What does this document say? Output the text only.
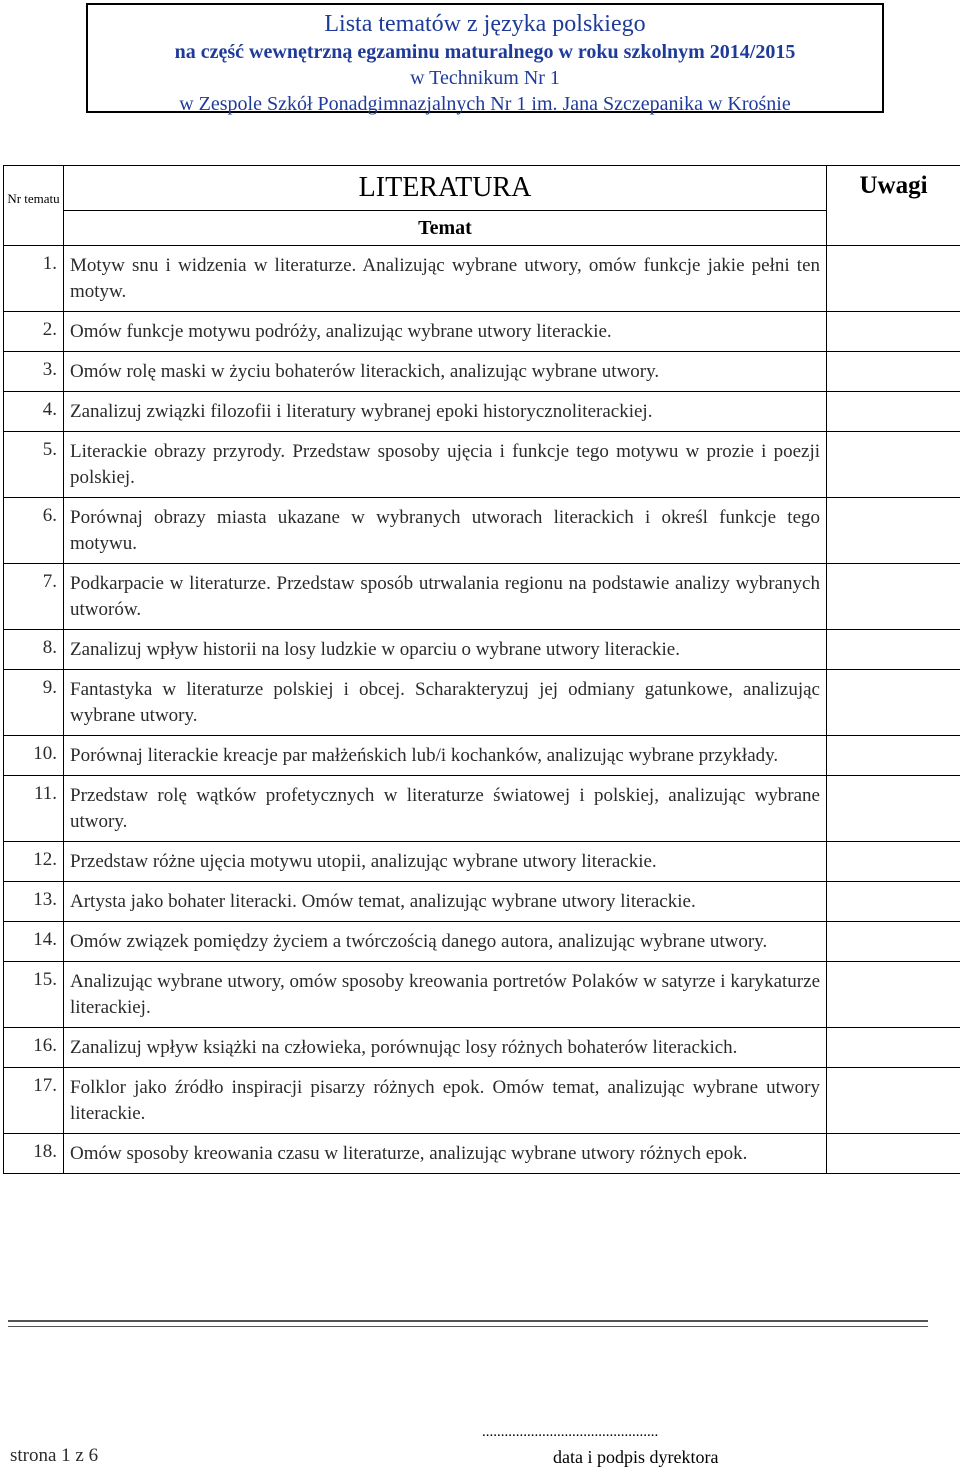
Lista tematów z języka polskiego
na część wewnętrzną egzaminu maturalnego w roku szkolnym 2014/2015
w Technikum Nr 1
w Zespole Szkół Ponadgimnazjalnych Nr 1 im. Jana Szczepanika w Krośnie
Nr tematu	LITERATURA	Uwagi
	Temat	
1.	Motyw snu i widzenia w literaturze. Analizując wybrane utwory, omów funkcje jakie pełni ten motyw.	
2.	Omów funkcje motywu podróży, analizując wybrane utwory literackie.	
3.	Omów rolę maski w życiu bohaterów literackich, analizując wybrane utwory.	
4.	Zanalizuj związki filozofii i literatury wybranej epoki historycznoliterackiej.	
5.	Literackie obrazy przyrody. Przedstaw sposoby ujęcia i funkcje tego motywu w prozie i poezji polskiej.	
6.	Porównaj obrazy miasta ukazane w wybranych utworach literackich i określ funkcje tego motywu.	
7.	Podkarpacie w literaturze. Przedstaw sposób utrwalania regionu na podstawie analizy wybranych utworów.	
8.	Zanalizuj wpływ historii na losy ludzkie w oparciu o wybrane utwory literackie.	
9.	Fantastyka w literaturze polskiej i obcej. Scharakteryzuj jej odmiany gatunkowe, analizując wybrane utwory.	
10.	Porównaj literackie kreacje par małżeńskich lub/i kochanków, analizując wybrane przykłady.	
11.	Przedstaw rolę wątków profetycznych w literaturze światowej i polskiej, analizując wybrane utwory.	
12.	Przedstaw różne ujęcia motywu utopii, analizując wybrane utwory literackie.	
13.	Artysta jako bohater literacki. Omów temat, analizując wybrane utwory literackie.	
14.	Omów związek pomiędzy życiem a twórczością danego autora, analizując wybrane utwory.	
15.	Analizując wybrane utwory, omów sposoby kreowania portretów Polaków w satyrze i karykaturze literackiej.	
16.	Zanalizuj wpływ książki na człowieka, porównując losy różnych bohaterów literackich.	
17.	Folklor jako źródło inspiracji pisarzy różnych epok. Omów temat, analizując wybrane utwory literackie.	
18.	Omów sposoby kreowania czasu w literaturze, analizując wybrane utwory różnych epok.	
strona 1 z 6
...............................................
data i podpis dyrektora
